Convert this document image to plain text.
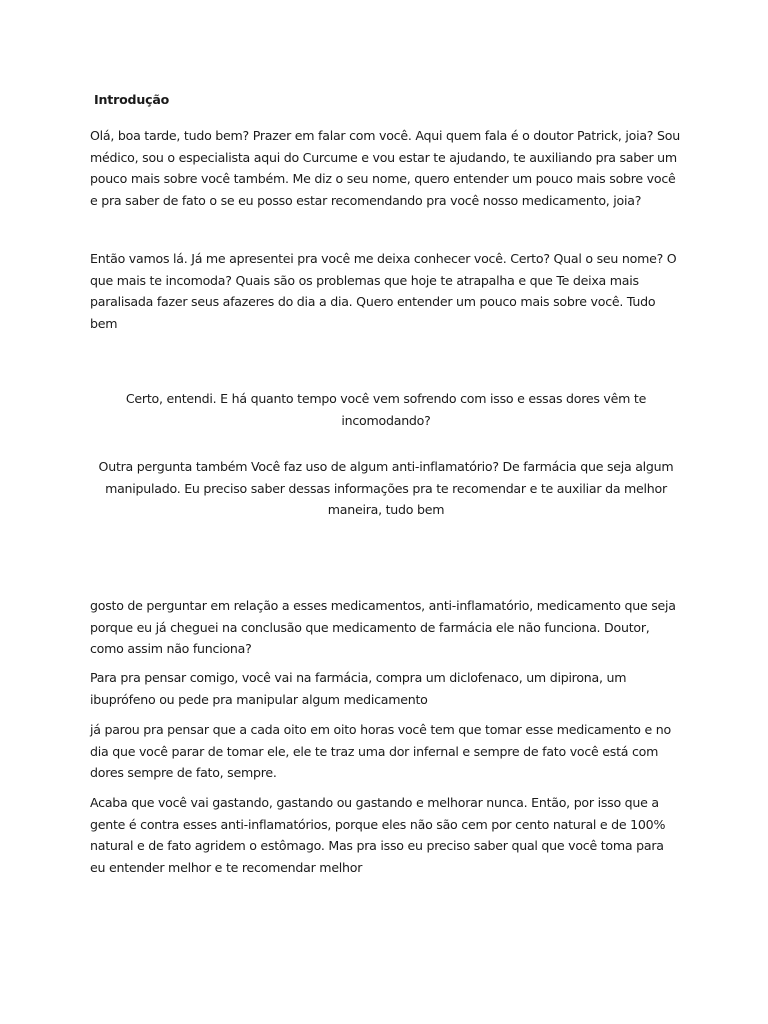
Introdução

Olá, boa tarde, tudo bem? Prazer em falar com você. Aqui quem fala é o doutor Patrick, joia? Sou médico, sou o especialista aqui do Curcume e vou estar te ajudando, te auxiliando pra saber um pouco mais sobre você também. Me diz o seu nome, quero entender um pouco mais sobre você e pra saber de fato o se eu posso estar recomendando pra você nosso medicamento, joia?

Então vamos lá. Já me apresentei pra você me deixa conhecer você. Certo? Qual o seu nome? O que mais te incomoda? Quais são os problemas que hoje te atrapalha e que Te deixa mais paralisada fazer seus afazeres do dia a dia. Quero entender um pouco mais sobre você. Tudo bem

Certo, entendi. E há quanto tempo você vem sofrendo com isso e essas dores vêm te incomodando?

Outra pergunta também Você faz uso de algum anti-inflamatório? De farmácia que seja algum manipulado. Eu preciso saber dessas informações pra te recomendar e te auxiliar da melhor maneira, tudo bem

gosto de perguntar em relação a esses medicamentos, anti-inflamatório, medicamento que seja porque eu já cheguei na conclusão que medicamento de farmácia ele não funciona. Doutor, como assim não funciona?

Para pra pensar comigo, você vai na farmácia, compra um diclofenaco, um dipirona, um ibuprófeno ou pede pra manipular algum medicamento

já parou pra pensar que a cada oito em oito horas você tem que tomar esse medicamento e no dia que você parar de tomar ele, ele te traz uma dor infernal e sempre de fato você está com dores sempre de fato, sempre.

Acaba que você vai gastando, gastando ou gastando e melhorar nunca. Então, por isso que a gente é contra esses anti-inflamatórios, porque eles não são cem por cento natural e de 100% natural e de fato agridem o estômago. Mas pra isso eu preciso saber qual que você toma para eu entender melhor e te recomendar melhor
